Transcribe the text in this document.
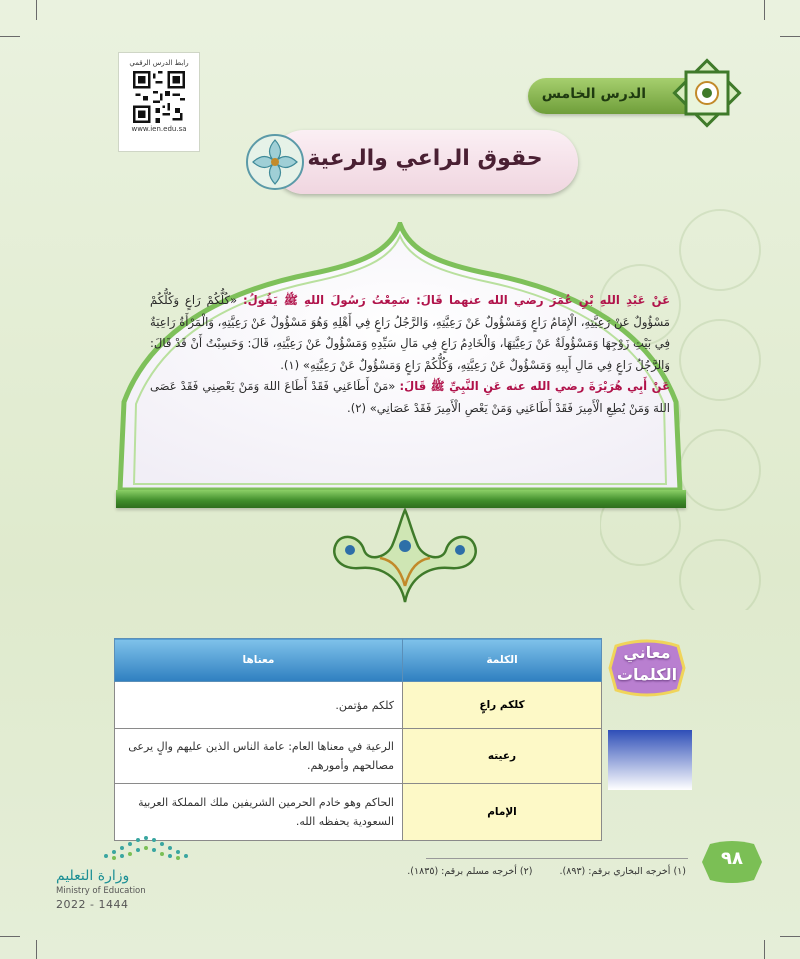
رابط الدرس الرقمي
www.ien.edu.sa
الدرس الخامس
حقوق الراعي والرعية
عَنْ عَبْدِ اللهِ بْنِ عُمَرَ رضي الله عنهما قَالَ: سَمِعْتُ رَسُولَ اللهِ ﷺ يَقُولُ: «كُلُّكُمْ رَاعٍ وَكُلُّكُمْ مَسْؤُولٌ عَنْ رَعِيَّتِهِ، الْإِمَامُ رَاعٍ وَمَسْؤُولٌ عَنْ رَعِيَّتِهِ، وَالرَّجُلُ رَاعٍ فِي أَهْلِهِ وَهُوَ مَسْؤُولٌ عَنْ رَعِيَّتِهِ، وَالْمَرْأَةُ رَاعِيَةٌ فِي بَيْتِ زَوْجِهَا وَمَسْؤُولَةٌ عَنْ رَعِيَّتِهَا، وَالْخَادِمُ رَاعٍ فِي مَالِ سَيِّدِهِ وَمَسْؤُولٌ عَنْ رَعِيَّتِهِ، قَالَ: وَحَسِبْتُ أَنْ قَدْ قَالَ: وَالرَّجُلُ رَاعٍ فِي مَالِ أَبِيهِ وَمَسْؤُولٌ عَنْ رَعِيَّتِهِ، وَكُلُّكُمْ رَاعٍ وَمَسْؤُولٌ عَنْ رَعِيَّتِهِ» (١).
عَنْ أَبِي هُرَيْرَةَ رضي الله عنه عَنِ النَّبِيِّ ﷺ قَالَ: «مَنْ أَطَاعَنِي فَقَدْ أَطَاعَ اللهَ وَمَنْ يَعْصِنِي فَقَدْ عَصَى اللهَ وَمَنْ يُطِعِ الْأَمِيرَ فَقَدْ أَطَاعَنِي وَمَنْ يَعْصِ الْأَمِيرَ فَقَدْ عَصَانِي» (٢).
معاني
الكلمات
الكلمة	معناها
كلكم راعٍ	كلكم مؤتمن.
رعيته	الرعية في معناها العام: عامة الناس الذين عليهم والٍ يرعى مصالحهم وأمورهم.
الإمام	الحاكم وهو خادم الحرمين الشريفين ملك المملكة العربية السعودية يحفظه الله.
(١) أخرجه البخاري برقم: (٨٩٣). (٢) أخرجه مسلم برقم: (١٨٣٥).
٩٨
وزارة التعليم
Ministry of Education
2022 - 1444
